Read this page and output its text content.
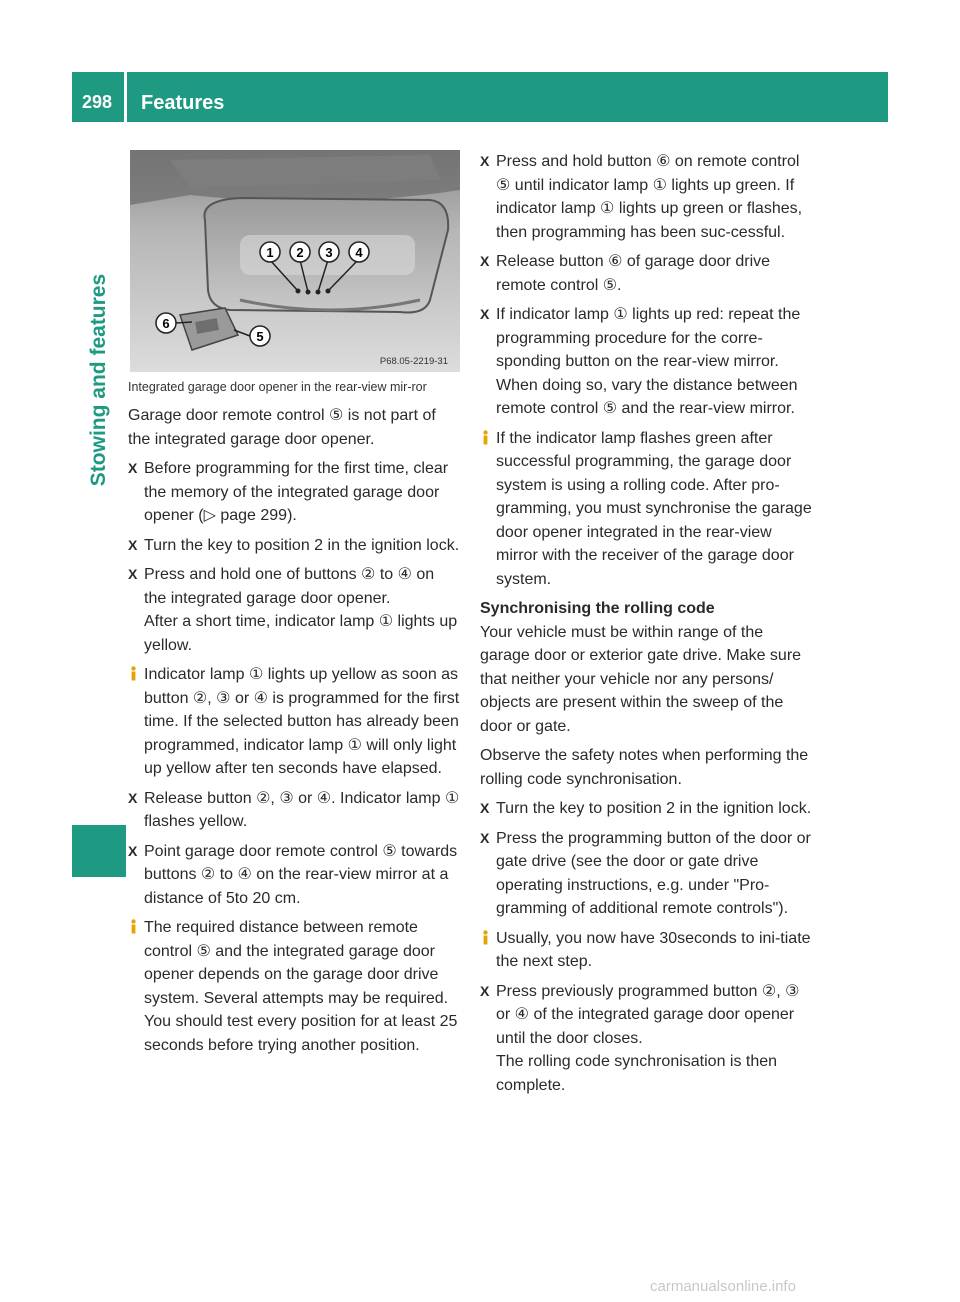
298 Features
Stowing and features
1 2 3 4
5
6
P68.05-2219-31
Integrated garage door opener in the rear-view mir-ror

Garage door remote control ⑤ is not part of the integrated garage door opener.

X Before programming for the first time, clear the memory of the integrated garage door opener (▷ page 299).
X Turn the key to position 2 in the ignition lock.
X Press and hold one of buttons ② to ④ on the integrated garage door opener.
After a short time, indicator lamp ① lights up yellow.
Indicator lamp ① lights up yellow as soon as button ②, ③ or ④ is programmed for the first time. If the selected button has already been programmed, indicator lamp ① will only light up yellow after ten seconds have elapsed.
X Release button ②, ③ or ④. Indicator lamp ① flashes yellow.
X Point garage door remote control ⑤ towards buttons ② to ④ on the rear-view mirror at a distance of 5to 20 cm.
The required distance between remote control ⑤ and the integrated garage door opener depends on the garage door drive system. Several attempts may be required. You should test every position for at least 25 seconds before trying another position.
X Press and hold button ⑥ on remote control ⑤ until indicator lamp ① lights up green. If indicator lamp ① lights up green or flashes, then programming has been suc-cessful.
X Release button ⑥ of garage door drive remote control ⑤.
X If indicator lamp ① lights up red: repeat the programming procedure for the corre-sponding button on the rear-view mirror. When doing so, vary the distance between remote control ⑤ and the rear-view mirror.
If the indicator lamp flashes green after successful programming, the garage door system is using a rolling code. After pro-gramming, you must synchronise the garage door opener integrated in the rear-view mirror with the receiver of the garage door system.
Synchronising the rolling code

Your vehicle must be within range of the garage door or exterior gate drive. Make sure that neither your vehicle nor any persons/ objects are present within the sweep of the door or gate.

Observe the safety notes when performing the rolling code synchronisation.

X Turn the key to position 2 in the ignition lock.
X Press the programming button of the door or gate drive (see the door or gate drive operating instructions, e.g. under "Pro-gramming of additional remote controls").
Usually, you now have 30seconds to ini-tiate the next step.
X Press previously programmed button ②, ③ or ④ of the integrated garage door opener until the door closes.
The rolling code synchronisation is then complete.
carmanualsonline.info
